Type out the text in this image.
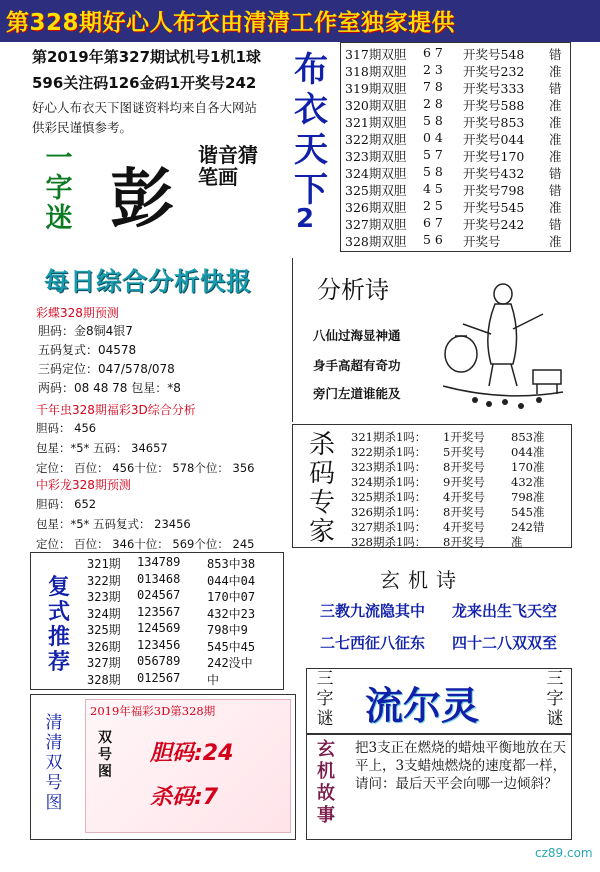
第328期好心人布衣由清清工作室独家提供
第2019年第327期试机号1机1球
596关注码126金码1开奖号242
好心人布衣天下图谜资料均来自各大网站
供彩民谨慎参考。
一字迷 彭
谐音猜笔画
布衣天下
2
317期双胆 6 7 开奖号548 错
318期双胆 2 3 开奖号232 准
319期双胆 7 8 开奖号333 错
320期双胆 2 8 开奖号588 准
321期双胆 5 8 开奖号853 准
322期双胆 0 4 开奖号044 准
323期双胆 5 7 开奖号170 准
324期双胆 5 8 开奖号432 错
325期双胆 4 5 开奖号798 错
326期双胆 2 5 开奖号545 准
327期双胆 6 7 开奖号242 错
328期双胆 5 6 开奖号	准
每日综合分析快报
彩蝶328期预测
胆码：金8铜4银7
五码复式：04578
三码定位：047/578/078
两码：08 48 78 包星：*8
千年虫328期福彩3D综合分析
胆码： 456
包星：*5* 五码： 34657
定位： 百位： 456十位： 578个位： 356
中彩龙328期预测
胆码： 652
包星：*5* 五码复式： 23456
定位： 百位： 346十位： 569个位： 245
分析诗
八仙过海显神通
身手高超有奇功
旁门左道谁能及
杀码专家
321期杀1吗： 1开奖号 853准
322期杀1吗： 5开奖号 044准
323期杀1吗： 8开奖号 170准
324期杀1吗： 9开奖号 432准
325期杀1吗： 4开奖号 798准
326期杀1吗： 8开奖号 545准
327期杀1吗： 4开奖号 242错
328期杀1吗： 8开奖号 准
复式推荐
321期 134789 853中38
322期 013468 044中04
323期 024567 170中07
324期 123567 432中23
325期 124569 798中9
326期 123456 545中45
327期 056789 242没中
328期 012567 中
玄机诗
三教九流隐其中 龙来出生飞天空
二七西征八征东 四十二八双双至
三字谜 流尔灵
三字谜
清清双号图
2019年福彩3D第328期
双号图
胆码:24
杀码:7
玄机故事
把3支正在燃烧的蜡烛平衡地放在天平上，3支蜡烛燃烧的速度都一样，请问：最后天平会向哪一边倾斜？
cz89.com
